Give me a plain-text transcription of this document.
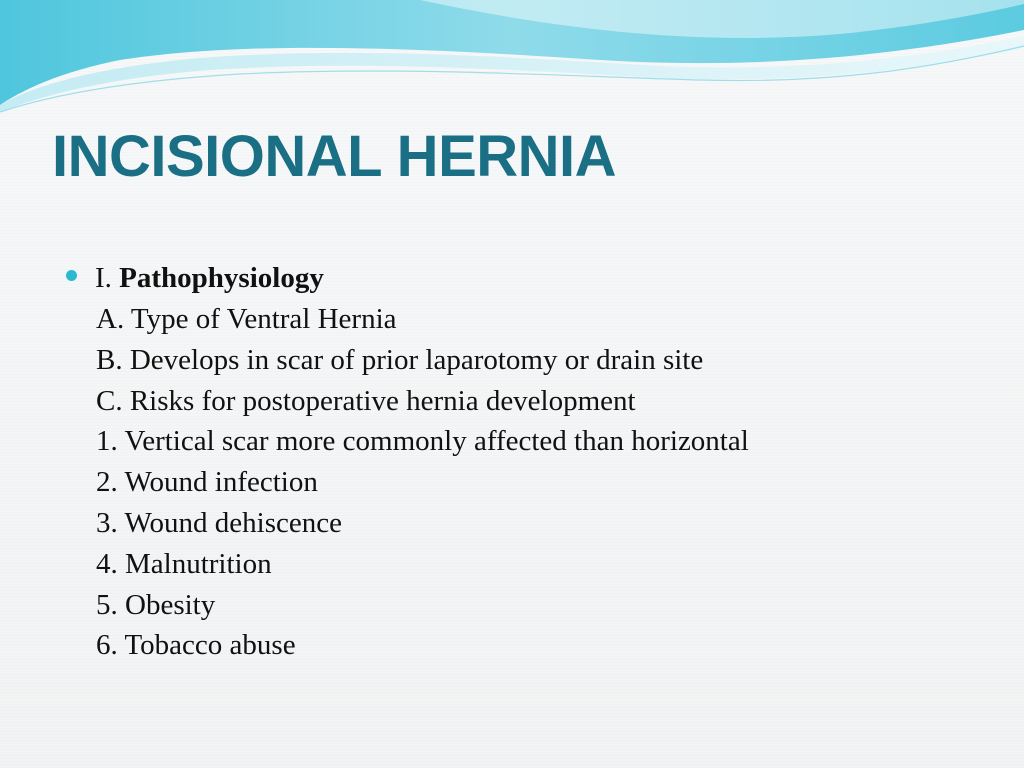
INCISIONAL HERNIA
I. Pathophysiology
A. Type of Ventral Hernia
B. Develops in scar of prior laparotomy or drain site
C. Risks for postoperative hernia development
1. Vertical scar more commonly affected than horizontal
2. Wound infection
3. Wound dehiscence
4. Malnutrition
5. Obesity
6. Tobacco abuse
